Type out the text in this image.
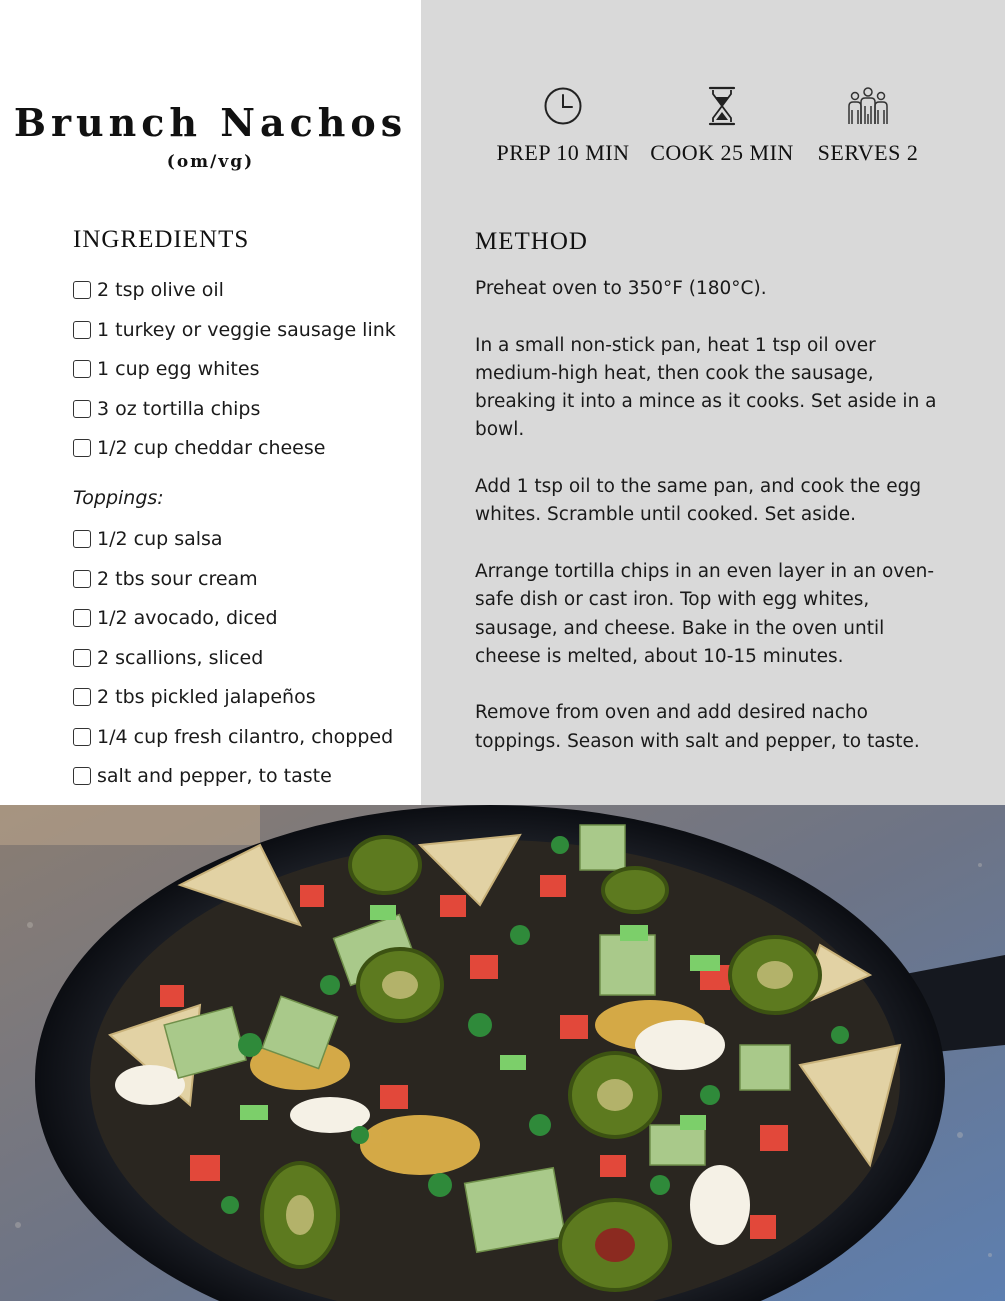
Brunch Nachos
(om/vg)
INGREDIENTS
2 tsp olive oil
1 turkey or veggie sausage link
1 cup egg whites
3 oz tortilla chips
1/2 cup cheddar cheese
Toppings:
1/2 cup salsa
2 tbs sour cream
1/2 avocado, diced
2 scallions, sliced
2 tbs pickled jalapeños
1/4 cup fresh cilantro, chopped
salt and pepper, to taste
PREP 10 MIN COOK 25 MIN	SERVES 2
METHOD

Preheat oven to 350°F (180°C).

In a small non-stick pan, heat 1 tsp oil over medium-high heat, then cook the sausage, breaking it into a mince as it cooks. Set aside in a bowl.

Add 1 tsp oil to the same pan, and cook the egg whites. Scramble until cooked. Set aside.

Arrange tortilla chips in an even layer in an oven-safe dish or cast iron. Top with egg whites, sausage, and cheese. Bake in the oven until cheese is melted, about 10-15 minutes.

Remove from oven and add desired nacho toppings. Season with salt and pepper, to taste.
